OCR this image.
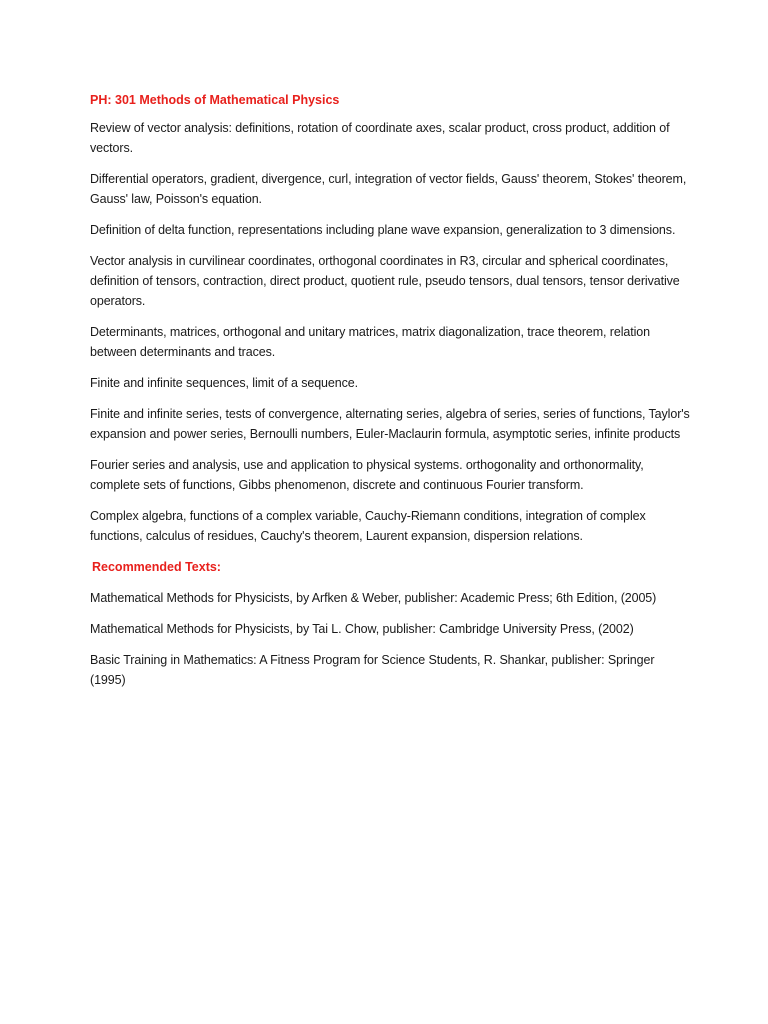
PH: 301 Methods of Mathematical Physics

Review of vector analysis: definitions, rotation of coordinate axes, scalar product, cross product, addition of vectors.

Differential operators, gradient, divergence, curl, integration of vector fields, Gauss' theorem, Stokes' theorem, Gauss' law, Poisson's equation.

Definition of delta function, representations including plane wave expansion, generalization to 3 dimensions.

Vector analysis in curvilinear coordinates, orthogonal coordinates in R3, circular and spherical coordinates, definition of tensors, contraction, direct product, quotient rule, pseudo tensors, dual tensors, tensor derivative operators.

Determinants, matrices, orthogonal and unitary matrices, matrix diagonalization, trace theorem, relation between determinants and traces.

Finite and infinite sequences, limit of a sequence.

Finite and infinite series, tests of convergence, alternating series, algebra of series, series of functions, Taylor's expansion and power series, Bernoulli numbers, Euler-Maclaurin formula, asymptotic series, infinite products

Fourier series and analysis, use and application to physical systems. orthogonality and orthonormality, complete sets of functions, Gibbs phenomenon, discrete and continuous Fourier transform.

Complex algebra, functions of a complex variable, Cauchy-Riemann conditions, integration of complex functions, calculus of residues, Cauchy's theorem, Laurent expansion, dispersion relations.

Recommended Texts:

Mathematical Methods for Physicists, by Arfken & Weber, publisher: Academic Press; 6th Edition, (2005)

Mathematical Methods for Physicists, by Tai L. Chow, publisher: Cambridge University Press, (2002)

Basic Training in Mathematics: A Fitness Program for Science Students, R. Shankar, publisher: Springer (1995)
